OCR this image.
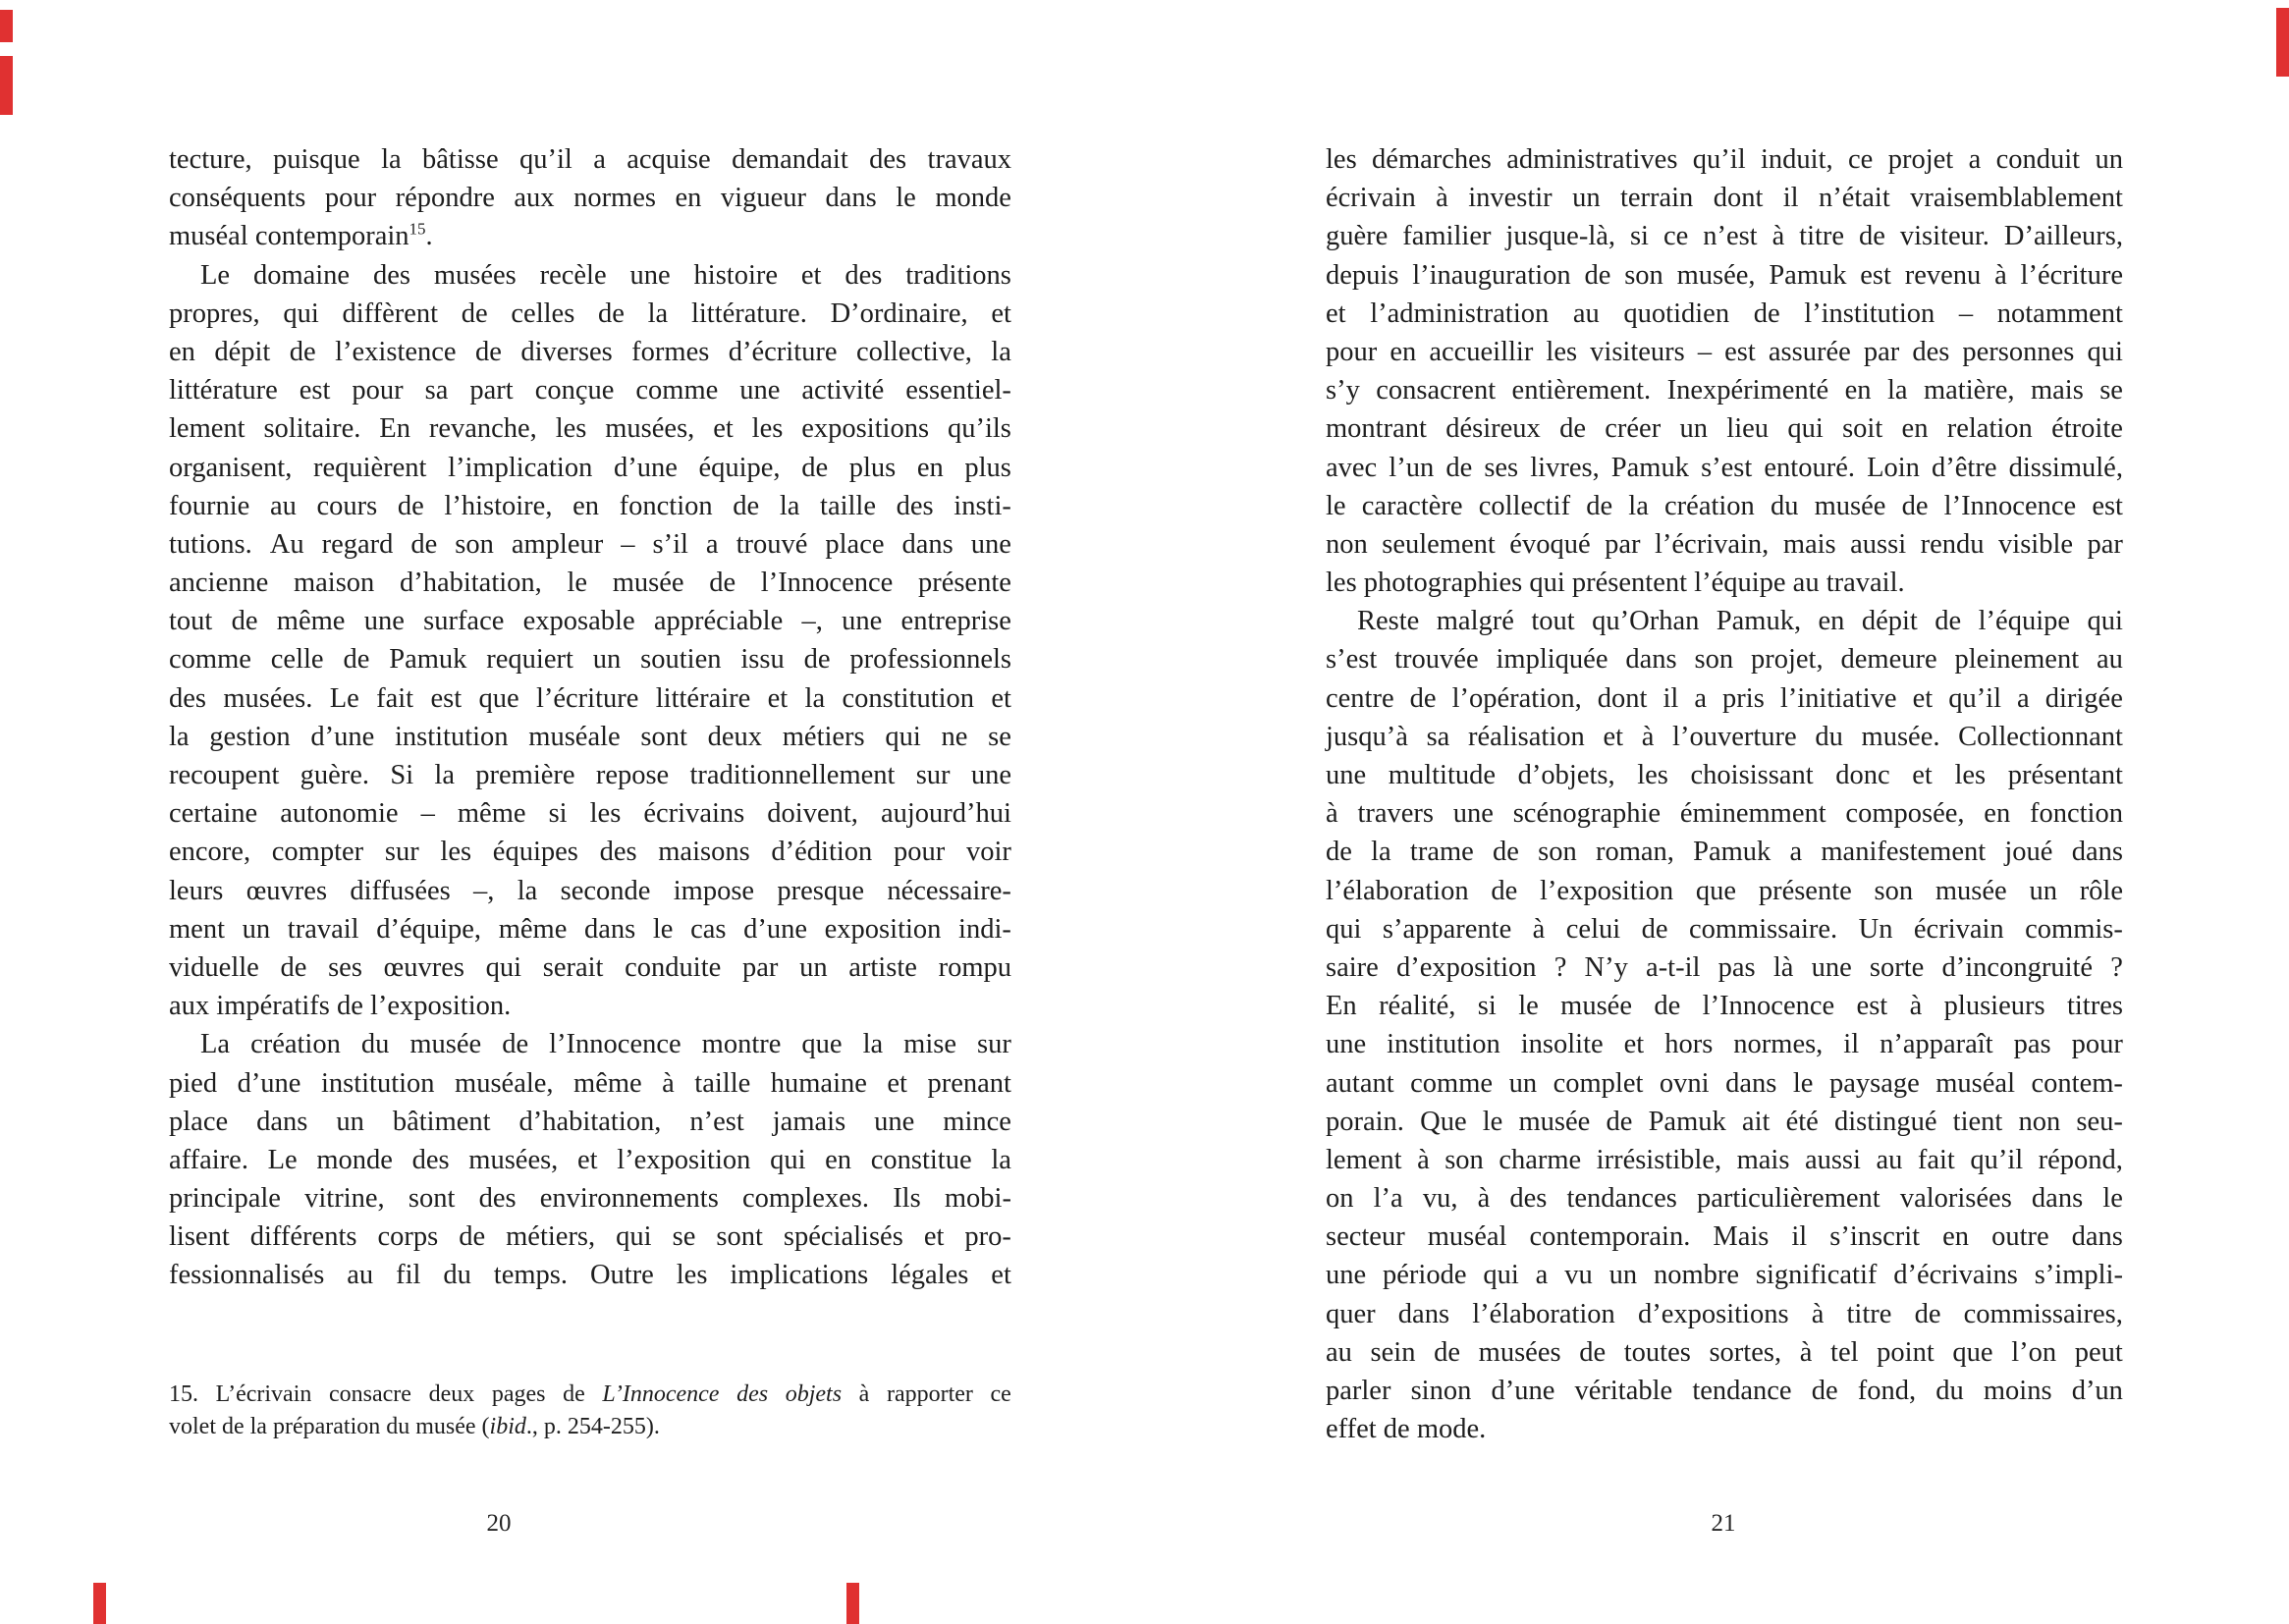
tecture, puisque la bâtisse qu’il a acquise demandait des travaux
conséquents pour répondre aux normes en vigueur dans le monde
muséal contemporain$^{15}$.
Le domaine des musées recèle une histoire et des traditions
propres, qui diffèrent de celles de la littérature. D’ordinaire, et
en dépit de l’existence de diverses formes d’écriture collective, la
littérature est pour sa part conçue comme une activité essentiel-
lement solitaire. En revanche, les musées, et les expositions qu’ils
organisent, requièrent l’implication d’une équipe, de plus en plus
fournie au cours de l’histoire, en fonction de la taille des insti-
tutions. Au regard de son ampleur – s’il a trouvé place dans une
ancienne maison d’habitation, le musée de l’Innocence présente
tout de même une surface exposable appréciable –, une entreprise
comme celle de Pamuk requiert un soutien issu de professionnels
des musées. Le fait est que l’écriture littéraire et la constitution et
la gestion d’une institution muséale sont deux métiers qui ne se
recoupent guère. Si la première repose traditionnellement sur une
certaine autonomie – même si les écrivains doivent, aujourd’hui
encore, compter sur les équipes des maisons d’édition pour voir
leurs œuvres diffusées –, la seconde impose presque nécessaire-
ment un travail d’équipe, même dans le cas d’une exposition indi-
viduelle de ses œuvres qui serait conduite par un artiste rompu
aux impératifs de l’exposition.
La création du musée de l’Innocence montre que la mise sur
pied d’une institution muséale, même à taille humaine et prenant
place dans un bâtiment d’habitation, n’est jamais une mince
affaire. Le monde des musées, et l’exposition qui en constitue la
principale vitrine, sont des environnements complexes. Ils mobi-
lisent différents corps de métiers, qui se sont spécialisés et pro-
fessionnalisés au fil du temps. Outre les implications légales et
15. L’écrivain consacre deux pages de L’Innocence des objets à rapporter ce
volet de la préparation du musée (ibid., p. 254-255).
20
les démarches administratives qu’il induit, ce projet a conduit un
écrivain à investir un terrain dont il n’était vraisemblablement
guère familier jusque-là, si ce n’est à titre de visiteur. D’ailleurs,
depuis l’inauguration de son musée, Pamuk est revenu à l’écriture
et l’administration au quotidien de l’institution – notamment
pour en accueillir les visiteurs – est assurée par des personnes qui
s’y consacrent entièrement. Inexpérimenté en la matière, mais se
montrant désireux de créer un lieu qui soit en relation étroite
avec l’un de ses livres, Pamuk s’est entouré. Loin d’être dissimulé,
le caractère collectif de la création du musée de l’Innocence est
non seulement évoqué par l’écrivain, mais aussi rendu visible par
les photographies qui présentent l’équipe au travail.
Reste malgré tout qu’Orhan Pamuk, en dépit de l’équipe qui
s’est trouvée impliquée dans son projet, demeure pleinement au
centre de l’opération, dont il a pris l’initiative et qu’il a dirigée
jusqu’à sa réalisation et à l’ouverture du musée. Collectionnant
une multitude d’objets, les choisissant donc et les présentant
à travers une scénographie éminemment composée, en fonction
de la trame de son roman, Pamuk a manifestement joué dans
l’élaboration de l’exposition que présente son musée un rôle
qui s’apparente à celui de commissaire. Un écrivain commis-
saire d’exposition ? N’y a-t-il pas là une sorte d’incongruité ?
En réalité, si le musée de l’Innocence est à plusieurs titres
une institution insolite et hors normes, il n’apparaît pas pour
autant comme un complet ovni dans le paysage muséal contem-
porain. Que le musée de Pamuk ait été distingué tient non seu-
lement à son charme irrésistible, mais aussi au fait qu’il répond,
on l’a vu, à des tendances particulièrement valorisées dans le
secteur muséal contemporain. Mais il s’inscrit en outre dans
une période qui a vu un nombre significatif d’écrivains s’impli-
quer dans l’élaboration d’expositions à titre de commissaires,
au sein de musées de toutes sortes, à tel point que l’on peut
parler sinon d’une véritable tendance de fond, du moins d’un
effet de mode.
21
